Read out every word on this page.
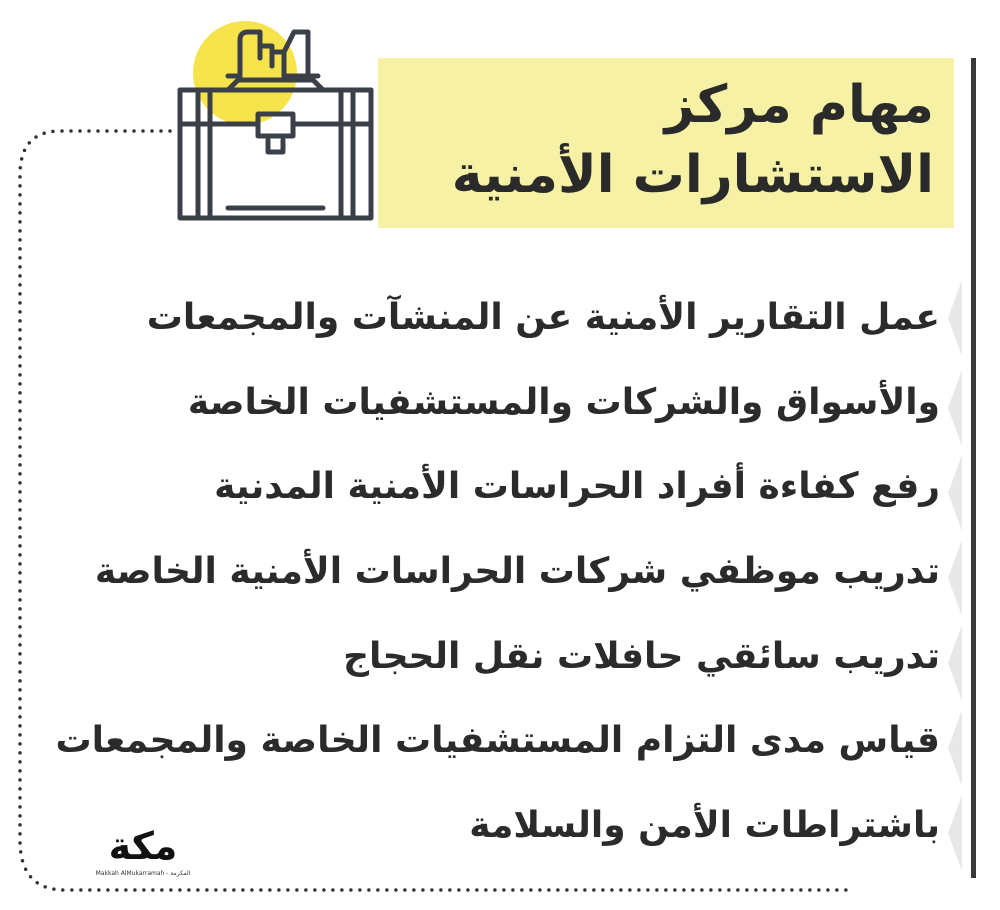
مهام مركز الاستشارات الأمنية
عمل التقارير الأمنية عن المنشآت والمجمعات
والأسواق والشركات والمستشفيات الخاصة
رفع كفاءة أفراد الحراسات الأمنية المدنية
تدريب موظفي شركات الحراسات الأمنية الخاصة
تدريب سائقي حافلات نقل الحجاج
قياس مدى التزام المستشفيات الخاصة والمجمعات
باشتراطات الأمن والسلامة
مكة
Makkah AlMukarramah - المكرمة
